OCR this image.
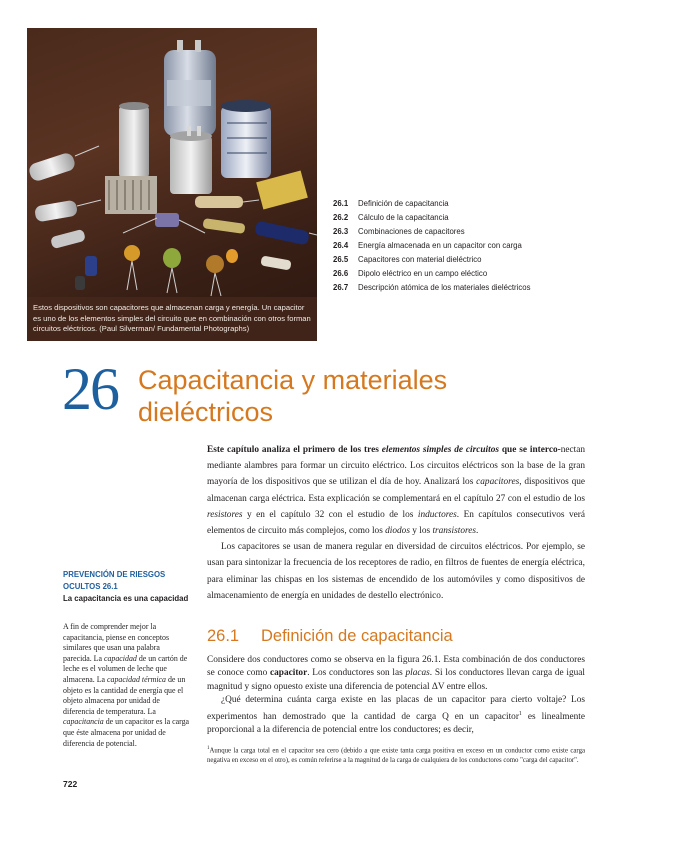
Estos dispositivos son capacitores que almacenan carga y energía. Un capacitor es uno de los elementos simples del circuito que en combinación con otros forman circuitos eléctricos. (Paul Silverman/ Fundamental Photographs)
26.1 Definición de capacitancia
26.2 Cálculo de la capacitancia
26.3 Combinaciones de capacitores
26.4 Energía almacenada en un capacitor con carga
26.5 Capacitores con material dieléctrico
26.6 Dipolo eléctrico en un campo eléctico
26.7 Descripción atómica de los materiales dieléctricos
26 Capacitancia y materiales dieléctricos

Este capítulo analiza el primero de los tres elementos simples de circuitos que se interco-nectan mediante alambres para formar un circuito eléctrico. Los circuitos eléctricos son la base de la gran mayoría de los dispositivos que se utilizan el día de hoy. Analizará los capacitores, dispositivos que almacenan carga eléctrica. Esta explicación se complementará en el capítulo 27 con el estudio de los resistores y en el capítulo 32 con el estudio de los inductores. En capítulos consecutivos verá elementos de circuito más complejos, como los diodos y los transistores.

Los capacitores se usan de manera regular en diversidad de circuitos eléctricos. Por ejemplo, se usan para sintonizar la frecuencia de los receptores de radio, en filtros de fuentes de energía eléctrica, para eliminar las chispas en los sistemas de encendido de los automóviles y como dispositivos de almacenamiento de energía en unidades de destello electrónico.

PREVENCIÓN DE RIESGOS OCULTOS 26.1
La capacitancia es una capacidad
A fin de comprender mejor la capacitancia, piense en conceptos similares que usan una palabra parecida. La capacidad de un cartón de leche es el volumen de leche que almacena. La capacidad térmica de un objeto es la cantidad de energía que el objeto almacena por unidad de diferencia de temperatura. La capacitancia de un capacitor es la carga que éste almacena por unidad de diferencia de potencial.
26.1 Definición de capacitancia

Considere dos conductores como se observa en la figura 26.1. Esta combinación de dos conductores se conoce como capacitor. Los conductores son las placas. Si los conductores llevan carga de igual magnitud y signo opuesto existe una diferencia de potencial ΔV entre ellos.

¿Qué determina cuánta carga existe en las placas de un capacitor para cierto voltaje? Los experimentos han demostrado que la cantidad de carga Q en un capacitor$^1$ es linealmente proporcional a la diferencia de potencial entre los conductores; es decir,

$^1$Aunque la carga total en el capacitor sea cero (debido a que existe tanta carga positiva en exceso en un conductor como existe carga negativa en exceso en el otro), es común referirse a la magnitud de la carga de cualquiera de los conductores como "carga del capacitor".
722
